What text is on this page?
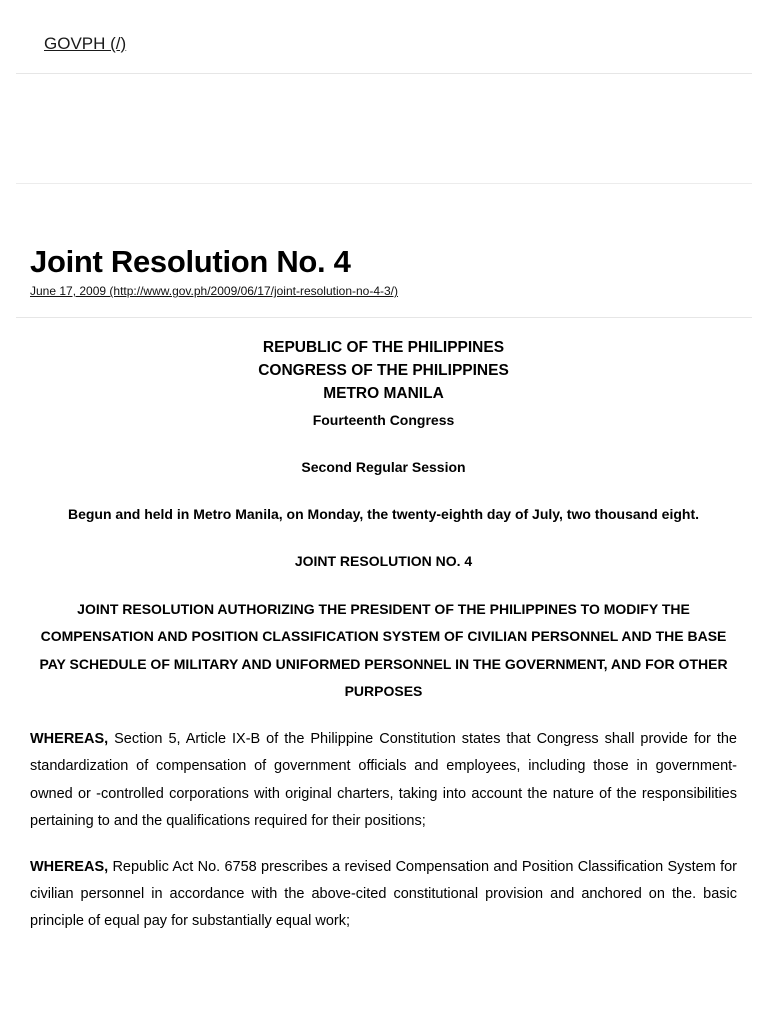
GOVPH (/)
Joint Resolution No. 4
June 17, 2009 (http://www.gov.ph/2009/06/17/joint-resolution-no-4-3/)
REPUBLIC OF THE PHILIPPINES
CONGRESS OF THE PHILIPPINES
METRO MANILA
Fourteenth Congress
Second Regular Session
Begun and held in Metro Manila, on Monday, the twenty-eighth day of July, two thousand eight.
JOINT RESOLUTION NO. 4
JOINT RESOLUTION AUTHORIZING THE PRESIDENT OF THE PHILIPPINES TO MODIFY THE COMPENSATION AND POSITION CLASSIFICATION SYSTEM OF CIVILIAN PERSONNEL AND THE BASE PAY SCHEDULE OF MILITARY AND UNIFORMED PERSONNEL IN THE GOVERNMENT, AND FOR OTHER PURPOSES

WHEREAS, Section 5, Article IX-B of the Philippine Constitution states that Congress shall provide for the standardization of compensation of government officials and employees, including those in government-owned or -controlled corporations with original charters, taking into account the nature of the responsibilities pertaining to and the qualifications required for their positions;

WHEREAS, Republic Act No. 6758 prescribes a revised Compensation and Position Classification System for civilian personnel in accordance with the above-cited constitutional provision and anchored on the. basic principle of equal pay for substantially equal work;
